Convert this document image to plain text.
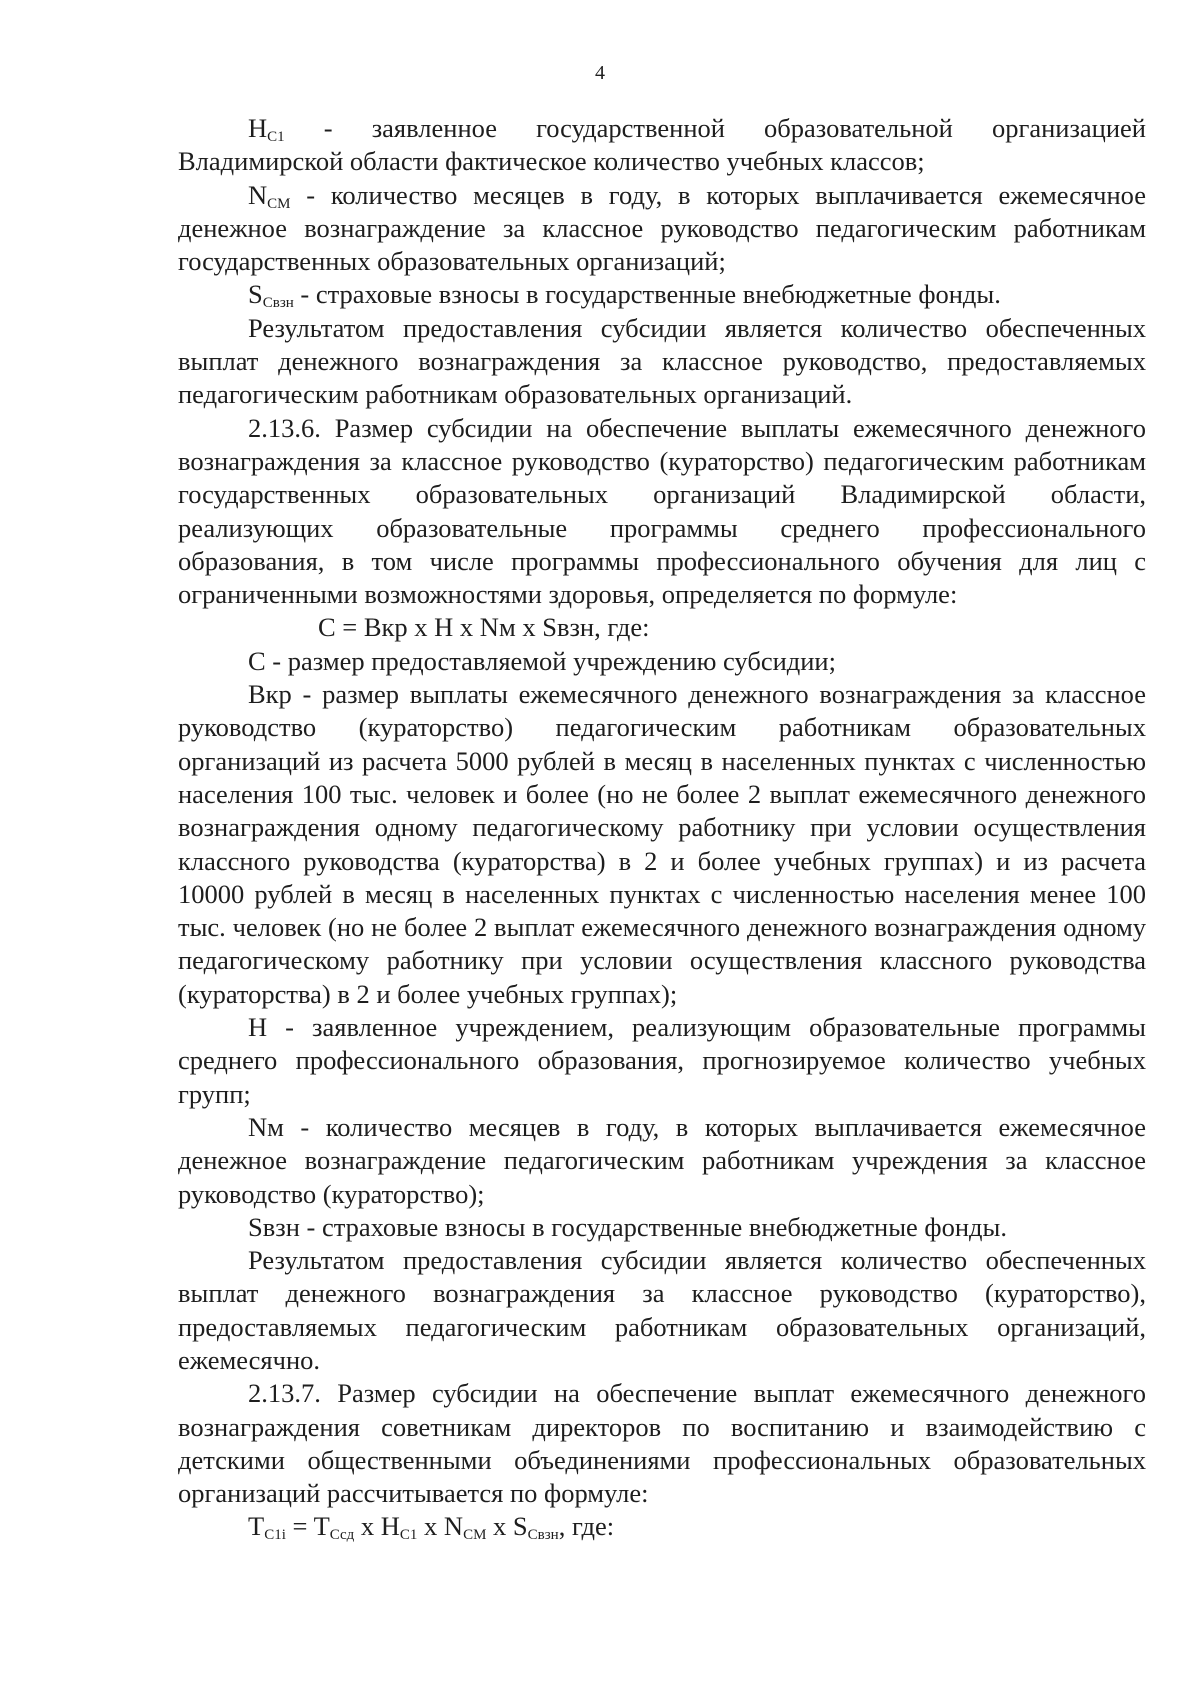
4

$H_{C1}$ - заявленное государственной образовательной организацией Владимирской области фактическое количество учебных классов;

$N_{CM}$ - количество месяцев в году, в которых выплачивается ежемесячное денежное вознаграждение за классное руководство педагогическим работникам государственных образовательных организаций;

$S_{Свзн}$ - страховые взносы в государственные внебюджетные фонды.

Результатом предоставления субсидии является количество обеспеченных выплат денежного вознаграждения за классное руководство, предоставляемых педагогическим работникам образовательных организаций.

2.13.6. Размер субсидии на обеспечение выплаты ежемесячного денежного вознаграждения за классное руководство (кураторство) педагогическим работникам государственных образовательных организаций Владимирской области, реализующих образовательные программы среднего профессионального образования, в том числе программы профессионального обучения для лиц с ограниченными возможностями здоровья, определяется по формуле:

C = Вкр x H x Nм x Sвзн, где:

C - размер предоставляемой учреждению субсидии;

Вкр - размер выплаты ежемесячного денежного вознаграждения за классное руководство (кураторство) педагогическим работникам образовательных организаций из расчета 5000 рублей в месяц в населенных пунктах с численностью населения 100 тыс. человек и более (но не более 2 выплат ежемесячного денежного вознаграждения одному педагогическому работнику при условии осуществления классного руководства (кураторства) в 2 и более учебных группах) и из расчета 10000 рублей в месяц в населенных пунктах с численностью населения менее 100 тыс. человек (но не более 2 выплат ежемесячного денежного вознаграждения одному педагогическому работнику при условии осуществления классного руководства (кураторства) в 2 и более учебных группах);

H - заявленное учреждением, реализующим образовательные программы среднего профессионального образования, прогнозируемое количество учебных групп;

Nм - количество месяцев в году, в которых выплачивается ежемесячное денежное вознаграждение педагогическим работникам учреждения за классное руководство (кураторство);

Sвзн - страховые взносы в государственные внебюджетные фонды.

Результатом предоставления субсидии является количество обеспеченных выплат денежного вознаграждения за классное руководство (кураторство), предоставляемых педагогическим работникам образовательных организаций, ежемесячно.

2.13.7. Размер субсидии на обеспечение выплат ежемесячного денежного вознаграждения советникам директоров по воспитанию и взаимодействию с детскими общественными объединениями профессиональных образовательных организаций рассчитывается по формуле:

$T_{C1i} = T_{Ссд}$ x $H_{C1}$ x $N_{CM}$ x $S_{Свзн}$, где:
